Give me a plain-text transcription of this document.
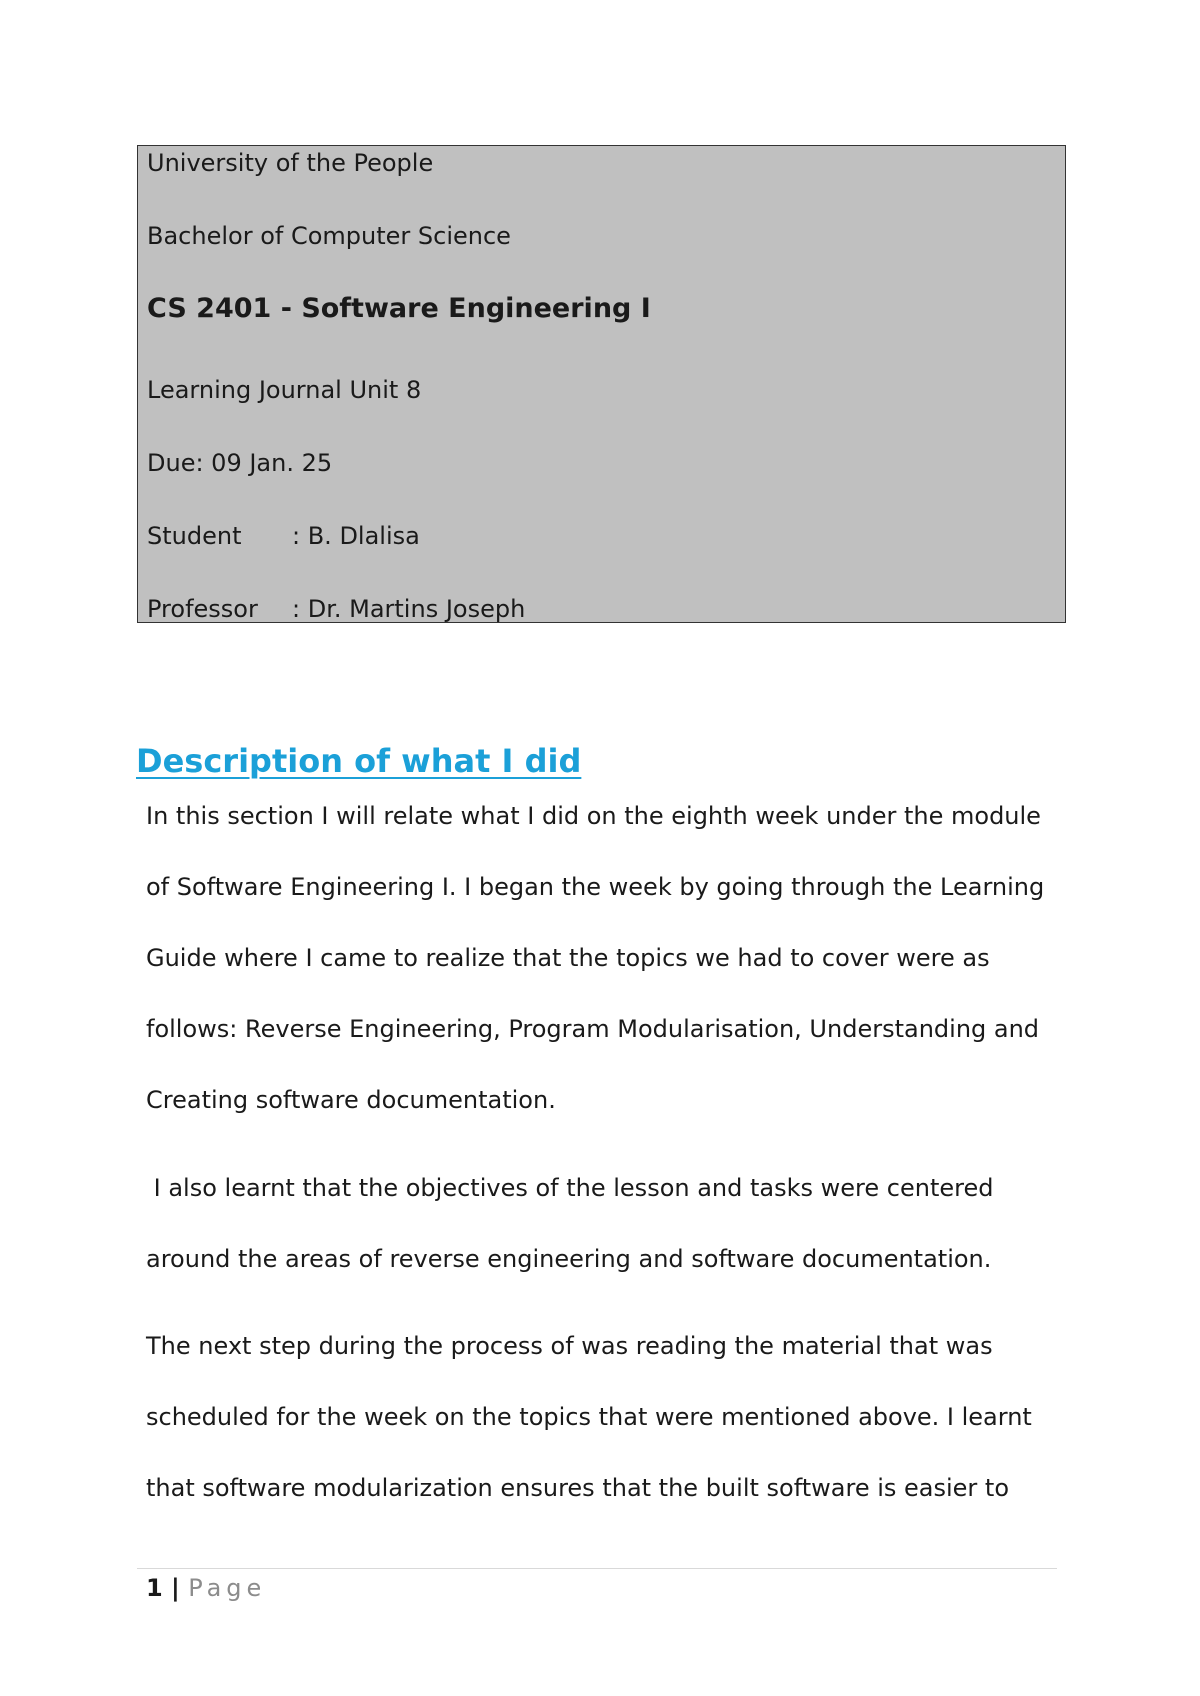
University of the People
Bachelor of Computer Science
CS 2401 - Software Engineering I
Learning Journal Unit 8
Due: 09 Jan. 25
Student : B. Dlalisa
Professor : Dr. Martins Joseph
Description of what I did
In this section I will relate what I did on the eighth week under the module
of Software Engineering I. I began the week by going through the Learning
Guide where I came to realize that the topics we had to cover were as
follows: Reverse Engineering, Program Modularisation, Understanding and
Creating software documentation.
I also learnt that the objectives of the lesson and tasks were centered
around the areas of reverse engineering and software documentation.
The next step during the process of was reading the material that was
scheduled for the week on the topics that were mentioned above. I learnt
that software modularization ensures that the built software is easier to
1 | Page
